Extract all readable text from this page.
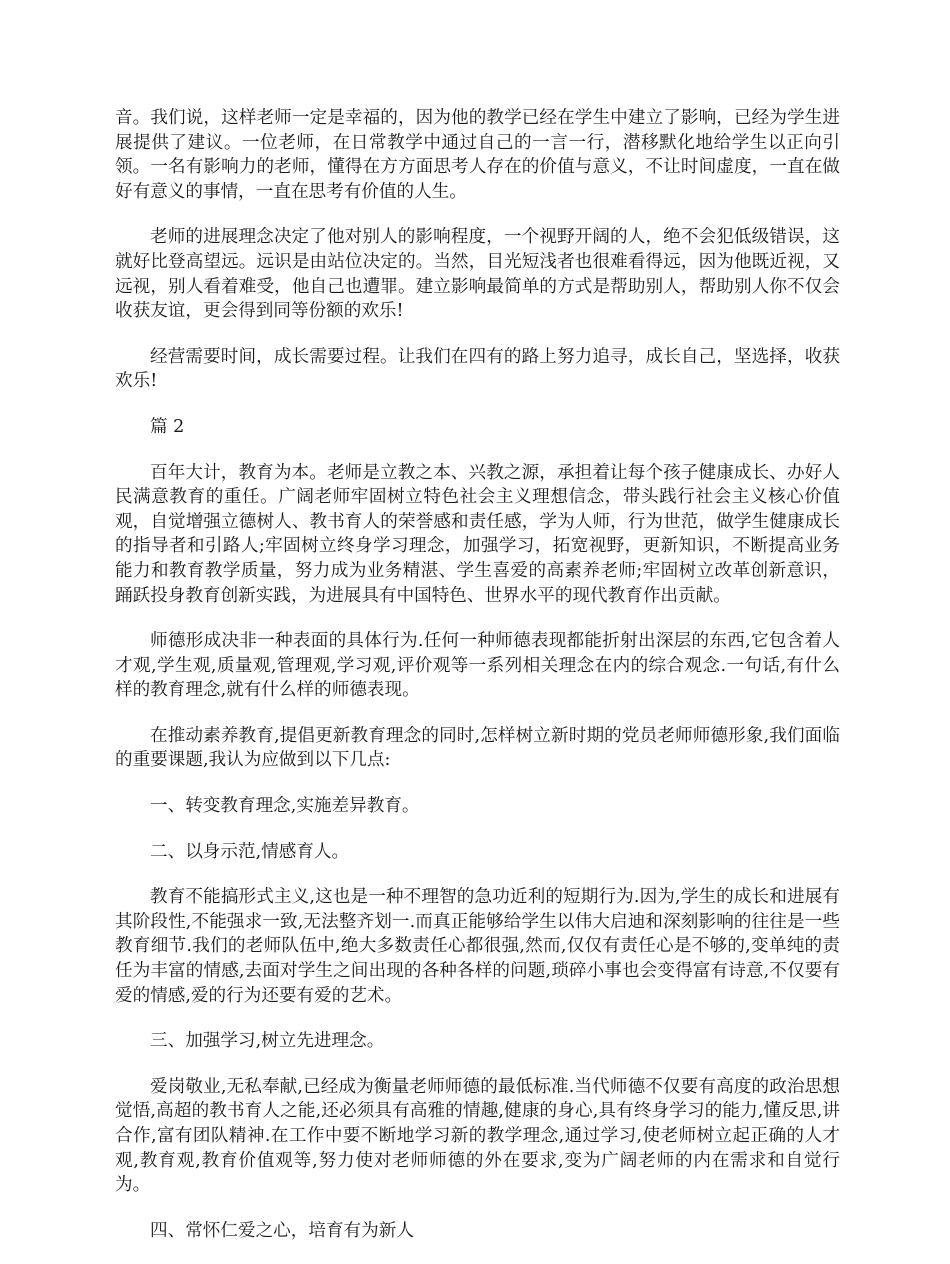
音。我们说，这样老师一定是幸福的，因为他的教学已经在学生中建立了影响，已经为学生进展提供了建议。一位老师，在日常教学中通过自己的一言一行，潜移默化地给学生以正向引领。一名有影响力的老师，懂得在方方面思考人存在的价值与意义，不让时间虚度，一直在做好有意义的事情，一直在思考有价值的人生。

老师的进展理念决定了他对别人的影响程度，一个视野开阔的人，绝不会犯低级错误，这就好比登高望远。远识是由站位决定的。当然，目光短浅者也很难看得远，因为他既近视，又远视，别人看着难受，他自己也遭罪。建立影响最简单的方式是帮助别人，帮助别人你不仅会收获友谊，更会得到同等份额的欢乐!

经营需要时间，成长需要过程。让我们在四有的路上努力追寻，成长自己，坚选择，收获欢乐!

篇 2

百年大计，教育为本。老师是立教之本、兴教之源，承担着让每个孩子健康成长、办好人民满意教育的重任。广阔老师牢固树立特色社会主义理想信念，带头践行社会主义核心价值观，自觉增强立德树人、教书育人的荣誉感和责任感，学为人师，行为世范，做学生健康成长的指导者和引路人;牢固树立终身学习理念，加强学习，拓宽视野，更新知识，不断提高业务能力和教育教学质量，努力成为业务精湛、学生喜爱的高素养老师;牢固树立改革创新意识，踊跃投身教育创新实践，为进展具有中国特色、世界水平的现代教育作出贡献。

师德形成决非一种表面的具体行为.任何一种师德表现都能折射出深层的东西,它包含着人才观,学生观,质量观,管理观,学习观,评价观等一系列相关理念在内的综合观念.一句话,有什么样的教育理念,就有什么样的师德表现。

在推动素养教育,提倡更新教育理念的同时,怎样树立新时期的党员老师师德形象,我们面临的重要课题,我认为应做到以下几点:

一、转变教育理念,实施差异教育。

二、以身示范,情感育人。

教育不能搞形式主义,这也是一种不理智的急功近利的短期行为.因为,学生的成长和进展有其阶段性,不能强求一致,无法整齐划一.而真正能够给学生以伟大启迪和深刻影响的往往是一些教育细节.我们的老师队伍中,绝大多数责任心都很强,然而,仅仅有责任心是不够的,变单纯的责任为丰富的情感,去面对学生之间出现的各种各样的问题,琐碎小事也会变得富有诗意,不仅要有爱的情感,爱的行为还要有爱的艺术。

三、加强学习,树立先进理念。

爱岗敬业,无私奉献,已经成为衡量老师师德的最低标准.当代师德不仅要有高度的政治思想觉悟,高超的教书育人之能,还必须具有高雅的情趣,健康的身心,具有终身学习的能力,懂反思,讲合作,富有团队精神.在工作中要不断地学习新的教学理念,通过学习,使老师树立起正确的人才观,教育观,教育价值观等,努力使对老师师德的外在要求,变为广阔老师的内在需求和自觉行为。

四、常怀仁爱之心，培育有为新人
